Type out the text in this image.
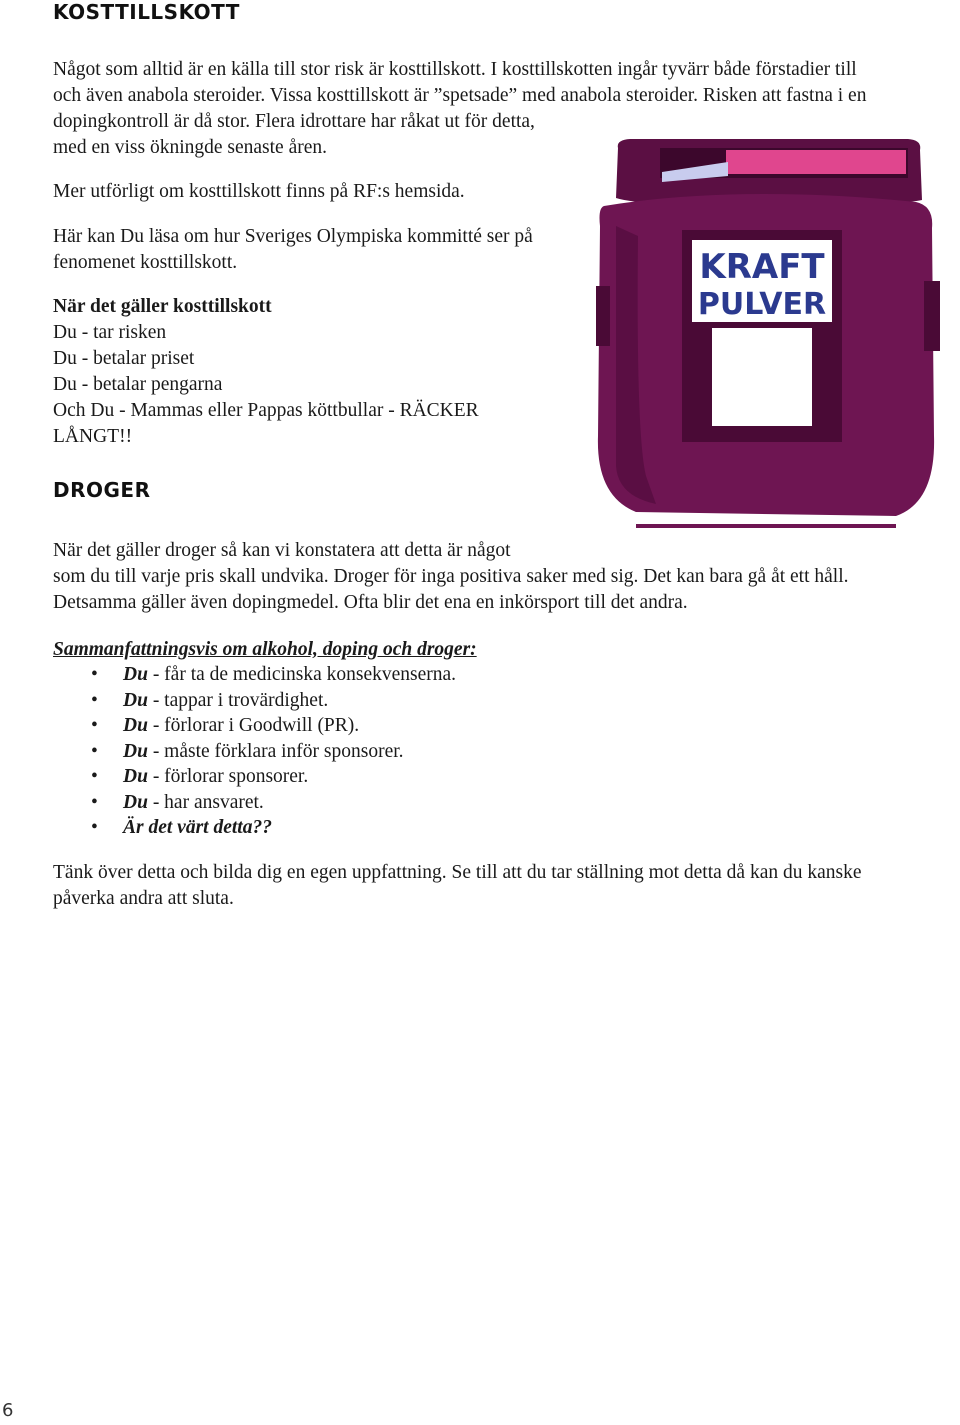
KOSTTILLSKOTT
Något som alltid är en källa till stor risk är kosttillskott. I kosttillskotten ingår tyvärr både förstadier till
och även anabola steroider. Vissa kosttillskott är ”spetsade” med anabola steroider. Risken att fastna i en
dopingkontroll är då stor. Flera idrottare har råkat ut för detta,
med en viss ökningde senaste åren.

Mer utförligt om kosttillskott finns på RF:s hemsida.

Här kan Du läsa om hur Sveriges Olympiska kommitté ser på
fenomenet kosttillskott.
När det gäller kosttillskott
Du - tar risken
Du - betalar priset
Du - betalar pengarna
Och Du - Mammas eller Pappas köttbullar - RÄCKER
LÅNGT!!
KRAFT
PULVER
DROGER
När det gäller droger så kan vi konstatera att detta är något
som du till varje pris skall undvika. Droger för inga positiva saker med sig. Det kan bara gå åt ett håll.
Detsamma gäller även dopingmedel. Ofta blir det ena en inkörsport till det andra.

Sammanfattningsvis om alkohol, doping och droger:

• Du - får ta de medicinska konsekvenserna.
• Du - tappar i trovärdighet.
• Du - förlorar i Goodwill (PR).
• Du - måste förklara inför sponsorer.
• Du - förlorar sponsorer.
• Du - har ansvaret.
• Är det värt detta??
Tänk över detta och bilda dig en egen uppfattning. Se till att du tar ställning mot detta då kan du kanske
påverka andra att sluta.
6
